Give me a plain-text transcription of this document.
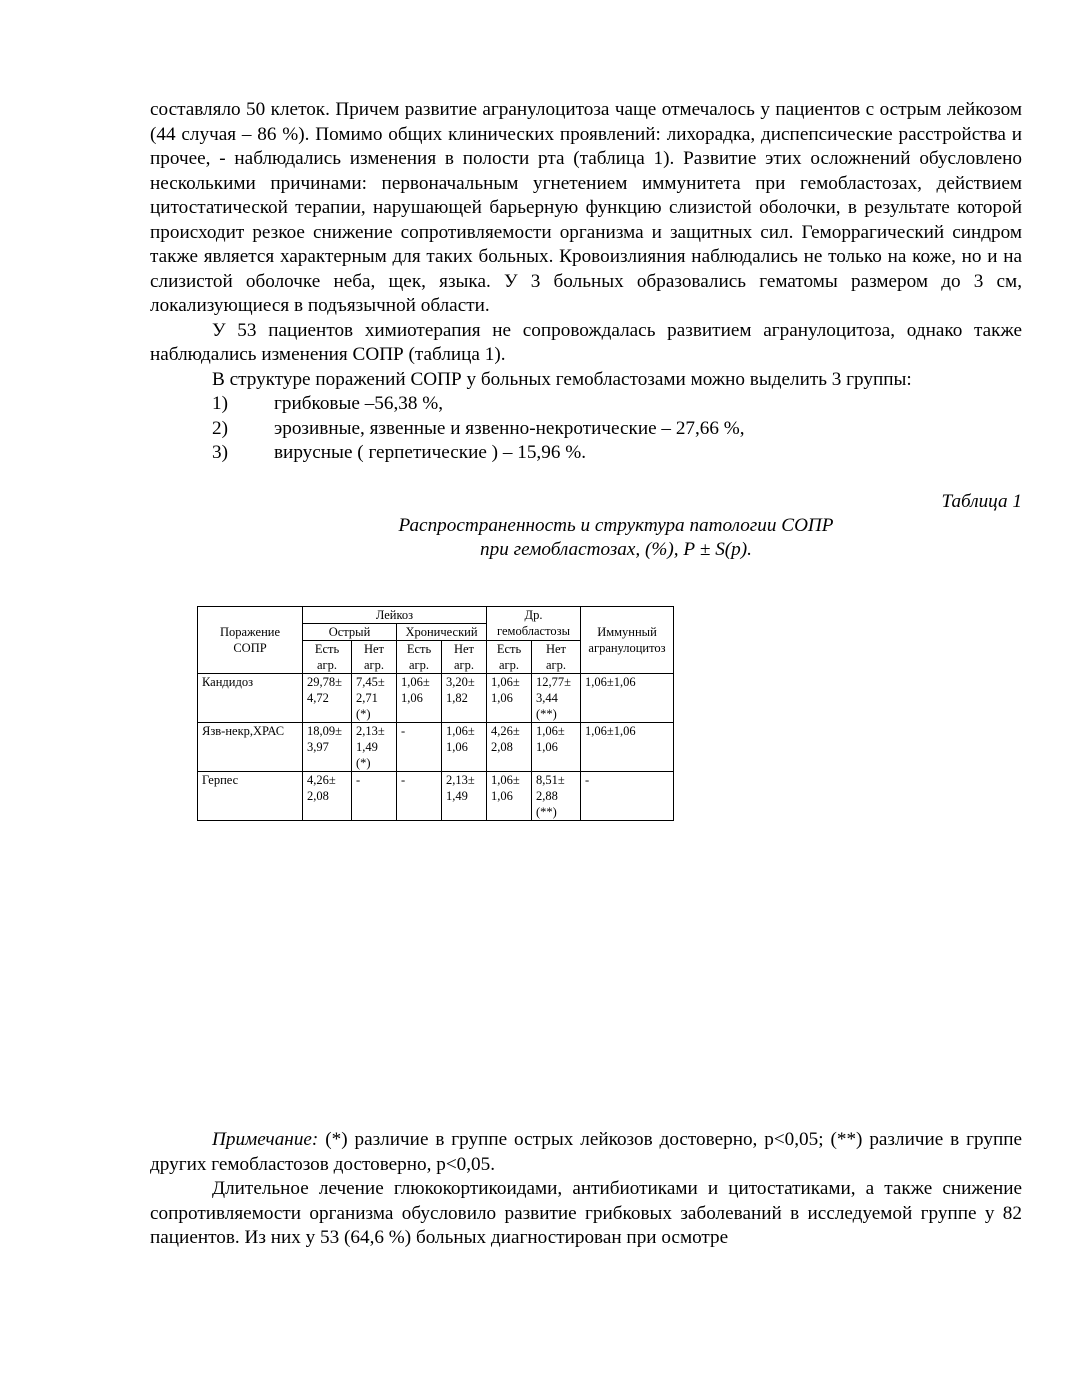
составляло 50 клеток. Причем развитие агранулоцитоза чаще отмечалось у пациентов с острым лейкозом (44 случая – 86 %). Помимо общих клинических проявлений: лихорадка, диспепсические расстройства и прочее, - наблюдались изменения в полости рта (таблица 1). Развитие этих осложнений обусловлено несколькими причинами: первоначальным угнетением иммунитета при гемобластозах, действием цитостатической терапии, нарушающей барьерную функцию слизистой оболочки, в результате которой происходит резкое снижение сопротивляемости организма и защитных сил. Геморрагический синдром также является характерным для таких больных. Кровоизлияния наблюдались не только на коже, но и на слизистой оболочке неба, щек, языка. У 3 больных образовались гематомы размером до 3 см, локализующиеся в подъязычной области.

У 53 пациентов химиотерапия не сопровождалась развитием агранулоцитоза, однако также наблюдались изменения СОПР (таблица 1).

В структуре поражений СОПР у больных гемобластозами можно выделить 3 группы:

1)	грибковые –56,38 %,
2)	эрозивные, язвенные и язвенно-некротические – 27,66 %,
3)	вирусные ( герпетические ) – 15,96 %.
Таблица 1
Распространенность и структура патологии СОПР
при гемобластозах, (%), Р ± S(p).
Поражение СОПР	Лейкоз				Др. гемобластозы		Иммунный агранулоцитоз
	Острый		Хронический				
	Есть агр.	Нет агр.	Есть агр.	Нет агр.	Есть агр.	Нет агр.	
Кандидоз	29,78± 4,72	7,45± 2,71 (*)	1,06± 1,06	3,20± 1,82	1,06± 1,06	12,77± 3,44 (**)	1,06±1,06
Язв-некр,ХРАС	18,09± 3,97	2,13± 1,49 (*)	-	1,06± 1,06	4,26± 2,08	1,06± 1,06	1,06±1,06
Герпес	4,26± 2,08	-	-	2,13± 1,49	1,06± 1,06	8,51± 2,88 (**)	-

Примечание: (*) различие в группе острых лейкозов достоверно, р<0,05; (**) различие в группе других гемобластозов достоверно, р<0,05.

Длительное лечение глюкокортикоидами, антибиотиками и цитостатиками, а также снижение сопротивляемости организма обусловило развитие грибковых заболеваний в исследуемой группе у 82 пациентов. Из них у 53 (64,6 %) больных диагностирован при осмотре
